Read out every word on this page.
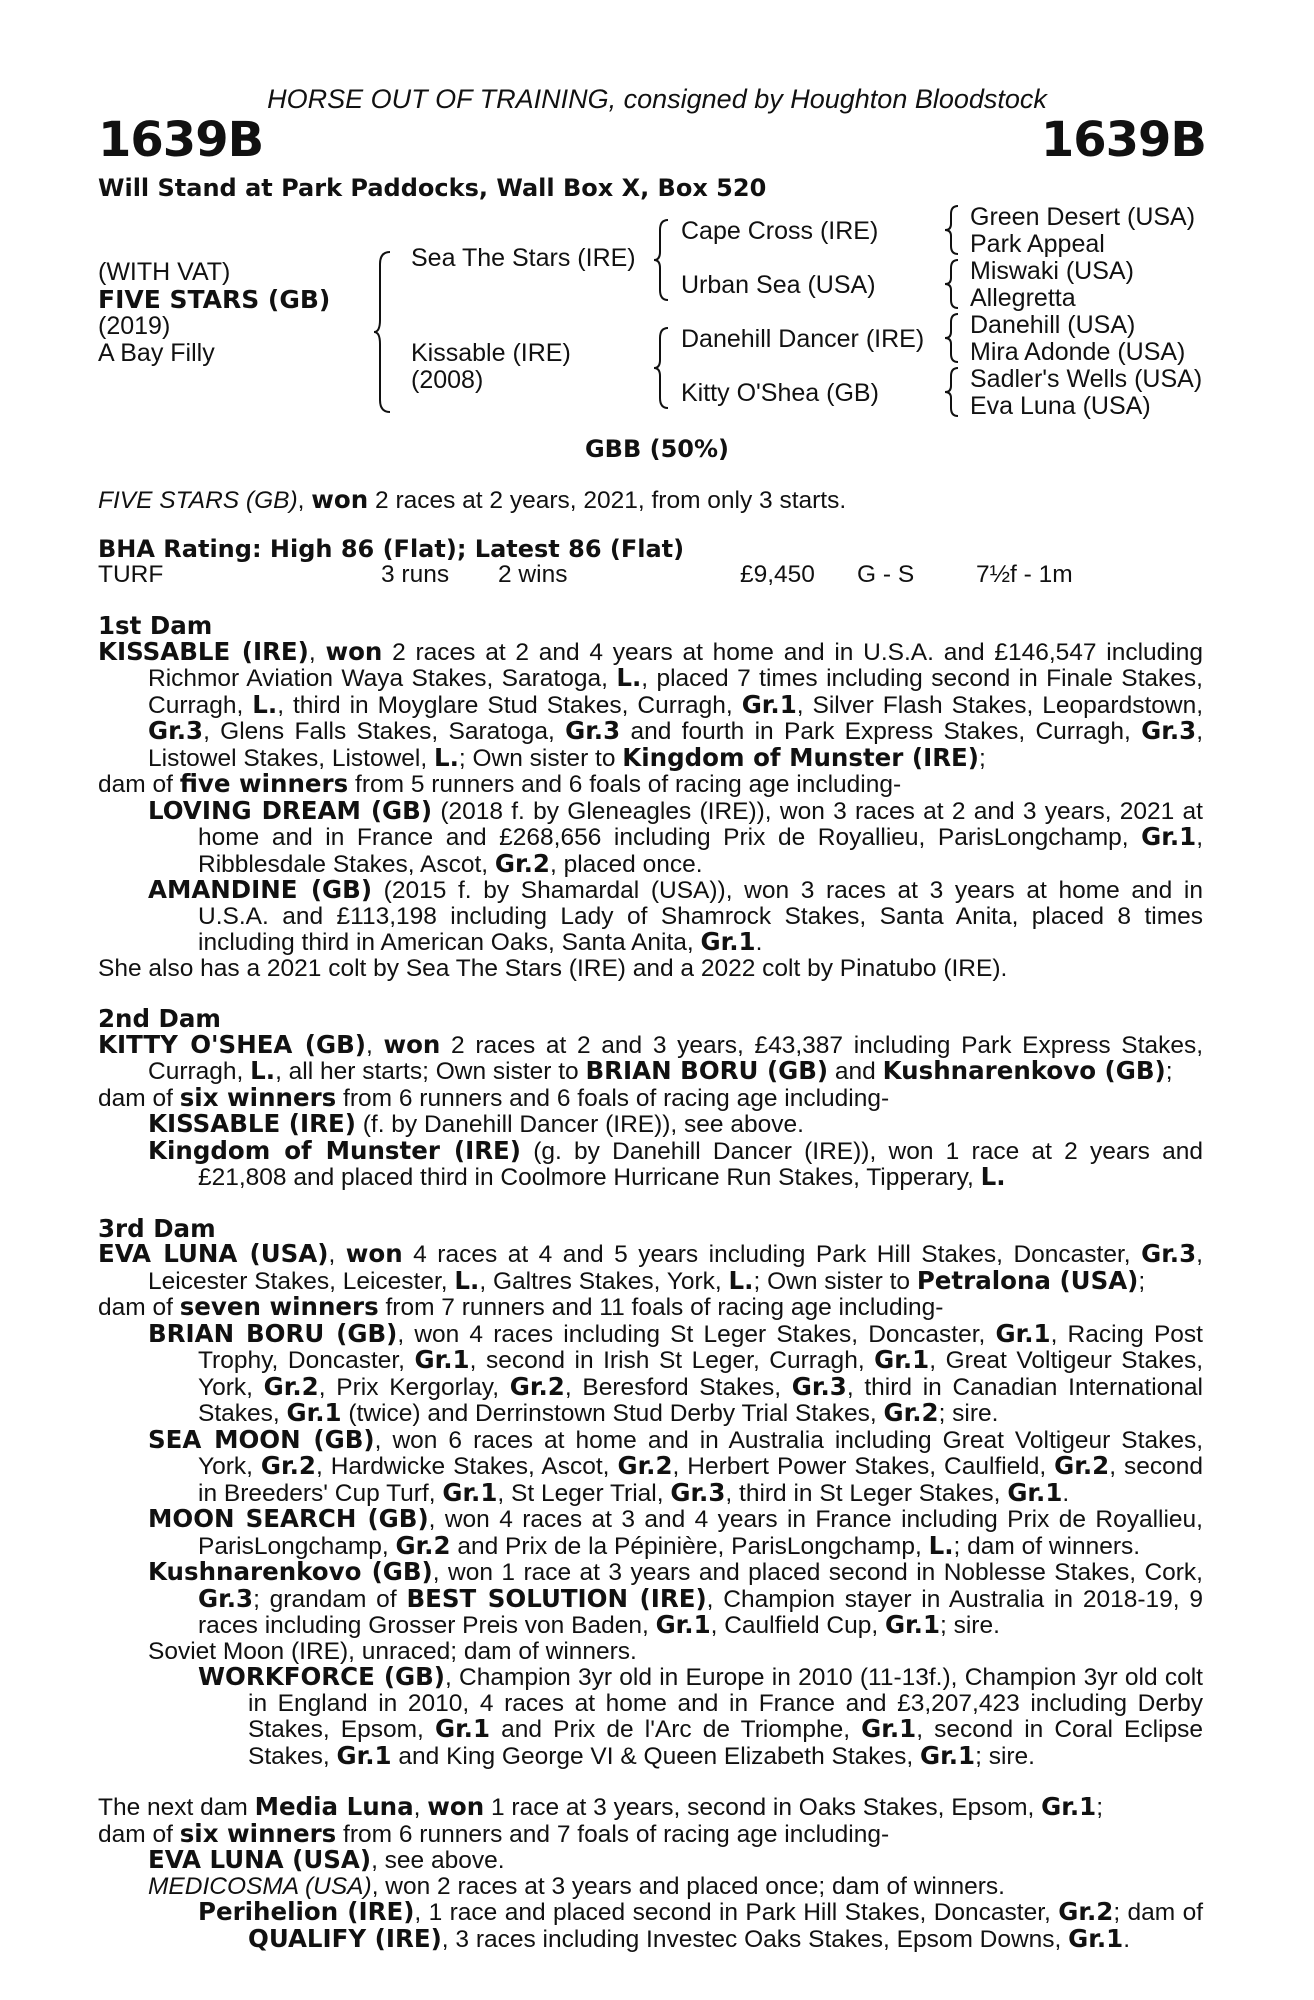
HORSE OUT OF TRAINING, consigned by Houghton Bloodstock
1639B	1639B
Will Stand at Park Paddocks, Wall Box X, Box 520
(WITH VAT)
FIVE STARS (GB)
(2019)
A Bay Filly
Sea The Stars (IRE)
Kissable (IRE)
(2008)
Cape Cross (IRE)
Urban Sea (USA)
Danehill Dancer (IRE)
Kitty O'Shea (GB)
Green Desert (USA)
Park Appeal
Miswaki (USA)
Allegretta
Danehill (USA)
Mira Adonde (USA)
Sadler's Wells (USA)
Eva Luna (USA)
GBB (50%)
FIVE STARS (GB), won 2 races at 2 years, 2021, from only 3 starts.
BHA Rating: High 86 (Flat); Latest 86 (Flat)
TURF	3 runs 2 wins	£9,450 G - S	7½f - 1m

1st Dam

KISSABLE (IRE), won 2 races at 2 and 4 years at home and in U.S.A. and £146,547 including Richmor Aviation Waya Stakes, Saratoga, L., placed 7 times including second in Finale Stakes, Curragh, L., third in Moyglare Stud Stakes, Curragh, Gr.1, Silver Flash Stakes, Leopardstown, Gr.3, Glens Falls Stakes, Saratoga, Gr.3 and fourth in Park Express Stakes, Curragh, Gr.3, Listowel Stakes, Listowel, L.; Own sister to Kingdom of Munster (IRE);

dam of five winners from 5 runners and 6 foals of racing age including-

LOVING DREAM (GB) (2018 f. by Gleneagles (IRE)), won 3 races at 2 and 3 years, 2021 at home and in France and £268,656 including Prix de Royallieu, ParisLongchamp, Gr.1, Ribblesdale Stakes, Ascot, Gr.2, placed once.

AMANDINE (GB) (2015 f. by Shamardal (USA)), won 3 races at 3 years at home and in U.S.A. and £113,198 including Lady of Shamrock Stakes, Santa Anita, placed 8 times including third in American Oaks, Santa Anita, Gr.1.

She also has a 2021 colt by Sea The Stars (IRE) and a 2022 colt by Pinatubo (IRE).

2nd Dam

KITTY O'SHEA (GB), won 2 races at 2 and 3 years, £43,387 including Park Express Stakes, Curragh, L., all her starts; Own sister to BRIAN BORU (GB) and Kushnarenkovo (GB);

dam of six winners from 6 runners and 6 foals of racing age including-

KISSABLE (IRE) (f. by Danehill Dancer (IRE)), see above.

Kingdom of Munster (IRE) (g. by Danehill Dancer (IRE)), won 1 race at 2 years and £21,808 and placed third in Coolmore Hurricane Run Stakes, Tipperary, L.

3rd Dam

EVA LUNA (USA), won 4 races at 4 and 5 years including Park Hill Stakes, Doncaster, Gr.3, Leicester Stakes, Leicester, L., Galtres Stakes, York, L.; Own sister to Petralona (USA);

dam of seven winners from 7 runners and 11 foals of racing age including-

BRIAN BORU (GB), won 4 races including St Leger Stakes, Doncaster, Gr.1, Racing Post Trophy, Doncaster, Gr.1, second in Irish St Leger, Curragh, Gr.1, Great Voltigeur Stakes, York, Gr.2, Prix Kergorlay, Gr.2, Beresford Stakes, Gr.3, third in Canadian International Stakes, Gr.1 (twice) and Derrinstown Stud Derby Trial Stakes, Gr.2; sire.

SEA MOON (GB), won 6 races at home and in Australia including Great Voltigeur Stakes, York, Gr.2, Hardwicke Stakes, Ascot, Gr.2, Herbert Power Stakes, Caulfield, Gr.2, second in Breeders' Cup Turf, Gr.1, St Leger Trial, Gr.3, third in St Leger Stakes, Gr.1.

MOON SEARCH (GB), won 4 races at 3 and 4 years in France including Prix de Royallieu, ParisLongchamp, Gr.2 and Prix de la Pépinière, ParisLongchamp, L.; dam of winners.

Kushnarenkovo (GB), won 1 race at 3 years and placed second in Noblesse Stakes, Cork, Gr.3; grandam of BEST SOLUTION (IRE), Champion stayer in Australia in 2018-19, 9 races including Grosser Preis von Baden, Gr.1, Caulfield Cup, Gr.1; sire.

Soviet Moon (IRE), unraced; dam of winners.

WORKFORCE (GB), Champion 3yr old in Europe in 2010 (11-13f.), Champion 3yr old colt in England in 2010, 4 races at home and in France and £3,207,423 including Derby Stakes, Epsom, Gr.1 and Prix de l'Arc de Triomphe, Gr.1, second in Coral Eclipse Stakes, Gr.1 and King George VI & Queen Elizabeth Stakes, Gr.1; sire.

The next dam Media Luna, won 1 race at 3 years, second in Oaks Stakes, Epsom, Gr.1;

dam of six winners from 6 runners and 7 foals of racing age including-

EVA LUNA (USA), see above.

MEDICOSMA (USA), won 2 races at 3 years and placed once; dam of winners.

Perihelion (IRE), 1 race and placed second in Park Hill Stakes, Doncaster, Gr.2; dam of QUALIFY (IRE), 3 races including Investec Oaks Stakes, Epsom Downs, Gr.1.
